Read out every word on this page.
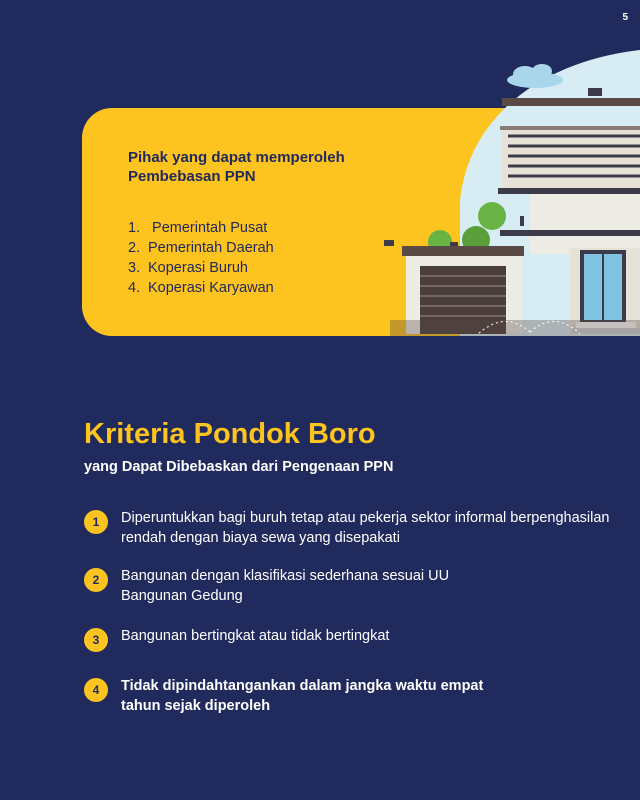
5
Pihak yang dapat memperoleh Pembebasan PPN
1. Pemerintah Pusat
2. Pemerintah Daerah
3. Koperasi Buruh
4. Koperasi Karyawan
Kriteria Pondok Boro

yang Dapat Dibebaskan dari Pengenaan PPN

1	Diperuntukkan bagi buruh tetap atau pekerja sektor informal berpenghasilan rendah dengan biaya sewa yang disepakati
2	Bangunan dengan klasifikasi sederhana sesuai UU Bangunan Gedung
3	Bangunan bertingkat atau tidak bertingkat
4	Tidak dipindahtangankan dalam jangka waktu empat tahun sejak diperoleh
